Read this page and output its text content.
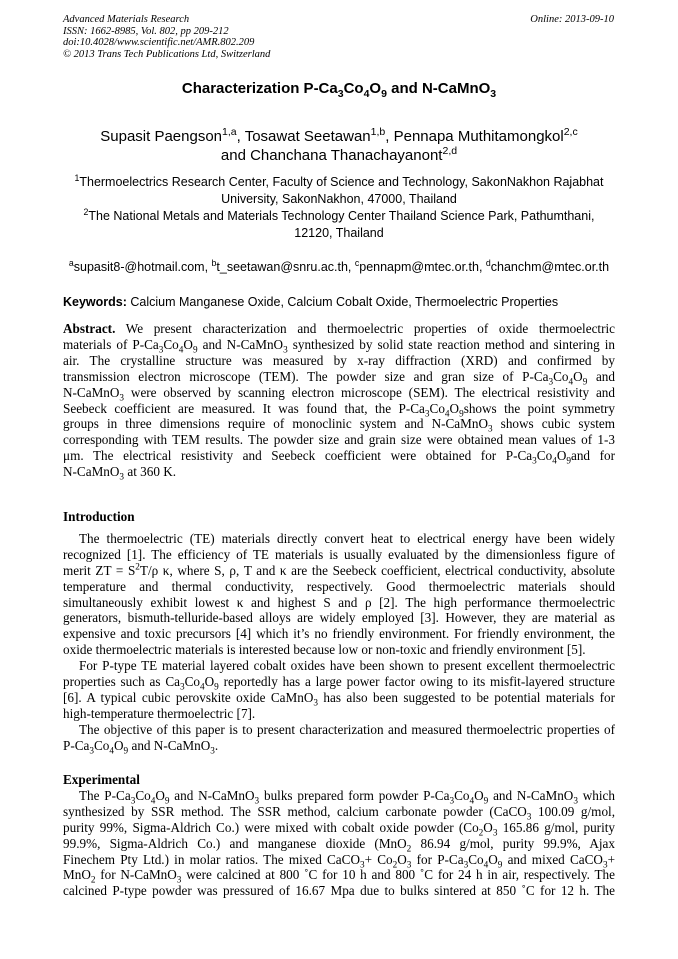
Advanced Materials Research
ISSN: 1662-8985, Vol. 802, pp 209-212
doi:10.4028/www.scientific.net/AMR.802.209
© 2013 Trans Tech Publications Ltd, Switzerland
Online: 2013-09-10
Characterization $P-Ca_3Co_4O_9$ and N-CaMnO$_3$
Supasit Paengson$^{1,a}$, Tosawat Seetawan$^{1,b}$, Pennapa Muthitamongkol$^{2,c}$
and Chanchana Thanachayanont$^{2,d}$
$^1$Thermoelectrics Research Center, Faculty of Science and Technology, SakonNakhon Rajabhat University, SakonNakhon, 47000, Thailand
$^2$The National Metals and Materials Technology Center Thailand Science Park, Pathumthani, 12120, Thailand
$^a$supasit8-@hotmail.com, $^b$t_seetawan@snru.ac.th, $^c$pennapm@mtec.or.th, $^d$chanchm@mtec.or.th
Keywords: Calcium Manganese Oxide, Calcium Cobalt Oxide, Thermoelectric Properties
Abstract. We present characterization and thermoelectric properties of oxide thermoelectric
materials of $P-Ca_3Co_4O_9$ and N-CaMnO$_3$ synthesized by solid state reaction method and sintering in
air. The crystalline structure was measured by x-ray diffraction (XRD) and confirmed by
transmission electron microscope (TEM). The powder size and gran size of $P-Ca_3Co_4O_9$ and
N-CaMnO$_3$ were observed by scanning electron microscope (SEM). The electrical resistivity and
Seebeck coefficient are measured. It was found that, the $P-Ca_3Co_4O_9shows$ the point symmetry
groups in three dimensions require of monoclinic system and N-CaMnO$_3$ shows cubic system
corresponding with TEM results. The powder size and grain size were obtained mean values of 1-3
μm. The electrical resistivity and Seebeck coefficient were obtained for $P-Ca_3Co_4O_9and$ for
N-CaMnO$_3$ at 360 K.
Introduction
The thermoelectric (TE) materials directly convert heat to electrical energy have been widely
recognized [1]. The efficiency of TE materials is usually evaluated by the dimensionless figure of
merit ZT = $S^2T/\rho$ κ, where S, ρ, T and κ are the Seebeck coefficient, electrical conductivity, absolute
temperature and thermal conductivity, respectively. Good thermoelectric materials should
simultaneously exhibit lowest κ and highest S and ρ [2]. The high performance thermoelectric
generators, bismuth-telluride-based alloys are widely employed [3]. However, they are material as
expensive and toxic precursors [4] which it’s no friendly environment. For friendly environment, the
oxide thermoelectric materials is interested because low or non-toxic and friendly environment [5].
For P-type TE material layered cobalt oxides have been shown to present excellent thermoelectric
properties such as $Ca_3Co_4O_9$ reportedly has a large power factor owing to its misfit-layered structure
[6]. A typical cubic perovskite oxide CaMnO$_3$ has also been suggested to be potential materials for
high-temperature thermoelectric [7].
The objective of this paper is to present characterization and measured thermoelectric properties of
$P-Ca_3Co_4O_9$ and N-CaMnO$_3$.
Experimental
The $P-Ca_3Co_4O_9$ and N-CaMnO$_3$ bulks prepared form powder $P-Ca_3Co_4O_9$ and N-CaMnO$_3$ which
synthesized by SSR method. The SSR method, calcium carbonate powder (CaCO$_3$ 100.09 g/mol,
purity 99%, Sigma-Aldrich Co.) were mixed with cobalt oxide powder ($Co_2O_3$ 165.86 g/mol, purity
99.9%, Sigma-Aldrich Co.) and manganese dioxide (MnO$_2$ 86.94 g/mol, purity 99.9%, Ajax
Finechem Pty Ltd.) in molar ratios. The mixed CaCO$_3$+ $Co_2O_3$ for $P-Ca_3Co_4O_9$ and mixed CaCO$_3$+
MnO$_2$ for N-CaMnO$_3$ were calcined at 800 ˚C for 10 h and 800 ˚C for 24 h in air, respectively. The
calcined P-type powder was pressured of 16.67 Mpa due to bulks sintered at 850 ˚C for 12 h. The
